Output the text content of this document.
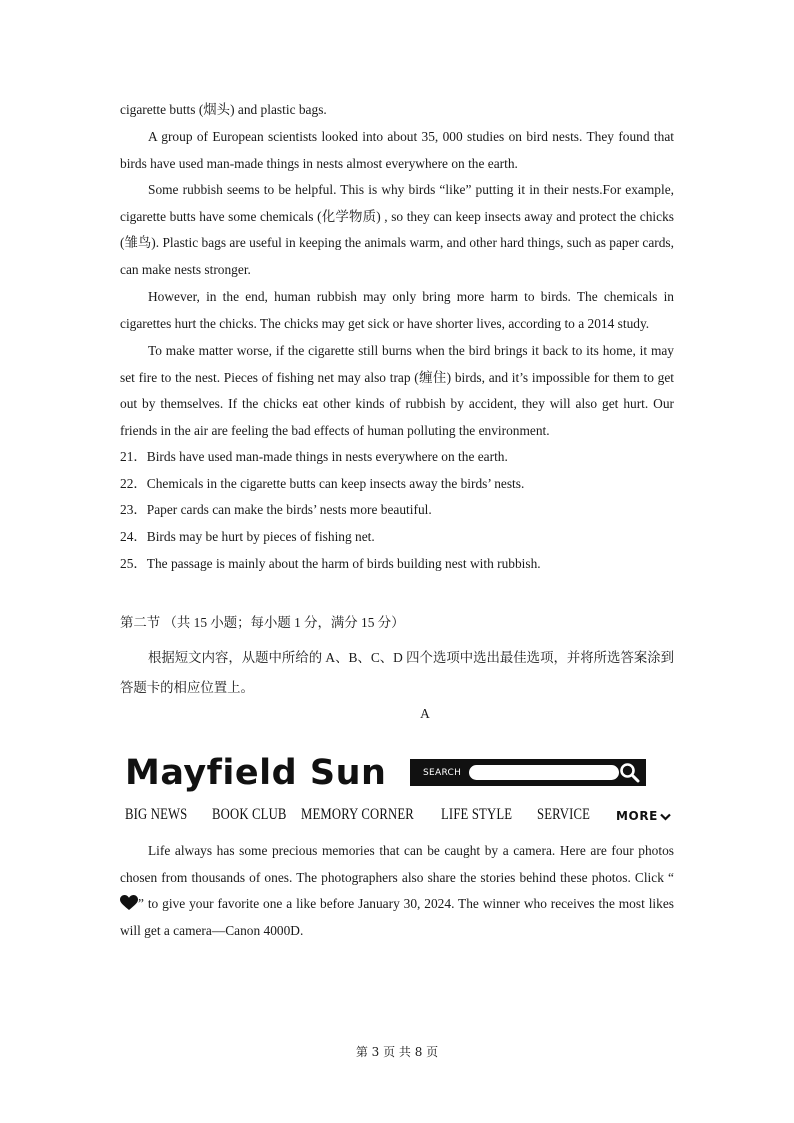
cigarette butts (烟头) and plastic bags.

A group of European scientists looked into about 35, 000 studies on bird nests. They found that birds have used man-made things in nests almost everywhere on the earth.

Some rubbish seems to be helpful. This is why birds “like” putting it in their nests.For example, cigarette butts have some chemicals (化学物质) , so they can keep insects away and protect the chicks (雏鸟). Plastic bags are useful in keeping the animals warm, and other hard things, such as paper cards, can make nests stronger.

However, in the end, human rubbish may only bring more harm to birds. The chemicals in cigarettes hurt the chicks. The chicks may get sick or have shorter lives, according to a 2014 study.

To make matter worse, if the cigarette still burns when the bird brings it back to its home, it may set fire to the nest. Pieces of fishing net may also trap (缠住) birds, and it’s impossible for them to get out by themselves. If the chicks eat other kinds of rubbish by accident, they will also get hurt. Our friends in the air are feeling the bad effects of human polluting the environment.

21．Birds have used man-made things in nests everywhere on the earth.

22．Chemicals in the cigarette butts can keep insects away the birds’ nests.

23．Paper cards can make the birds’ nests more beautiful.

24．Birds may be hurt by pieces of fishing net.

25．The passage is mainly about the harm of birds building nest with rubbish.

第二节 （共 15 小题；每小题 1 分，满分 15 分）

根据短文内容，从题中所给的 A、B、C、D 四个选项中选出最佳选项，并将所选答案涂到答题卡的相应位置上。

A
Mayfield Sun	SEARCH
BIG NEWS BOOK CLUB MEMORY CORNER LIFE STYLE SERVICE MORE

Life always has some precious memories that can be caught by a camera. Here are four photos chosen from thousands of ones. The photographers also share the stories behind these photos. Click “” to give your favorite one a like before January 30, 2024. The winner who receives the most likes will get a camera—Canon 4000D.

第 3 页 共 8 页
